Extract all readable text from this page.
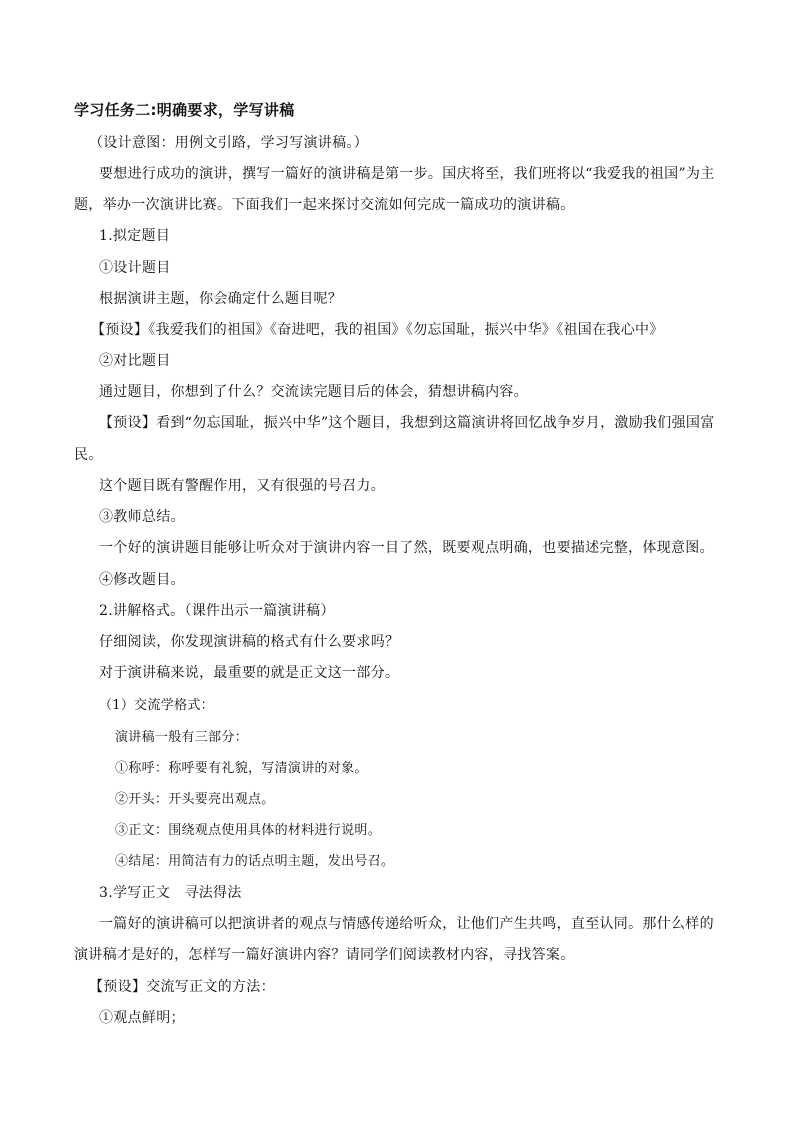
学习任务二:明确要求，学写讲稿
（设计意图：用例文引路，学习写演讲稿。）
要想进行成功的演讲，撰写一篇好的演讲稿是第一步。国庆将至，我们班将以“我爱我的祖国”为主
题，举办一次演讲比赛。下面我们一起来探讨交流如何完成一篇成功的演讲稿。
1.拟定题目
①设计题目
根据演讲主题，你会确定什么题目呢？
【预设】《我爱我们的祖国》《奋进吧，我的祖国》《勿忘国耻，振兴中华》《祖国在我心中》
②对比题目
通过题目，你想到了什么？交流读完题目后的体会，猜想讲稿内容。
【预设】看到“勿忘国耻，振兴中华”这个题目，我想到这篇演讲将回忆战争岁月，激励我们强国富
民。
这个题目既有警醒作用，又有很强的号召力。
③教师总结。
一个好的演讲题目能够让听众对于演讲内容一目了然，既要观点明确，也要描述完整，体现意图。
④修改题目。
2.讲解格式。（课件出示一篇演讲稿）
仔细阅读，你发现演讲稿的格式有什么要求吗？
对于演讲稿来说，最重要的就是正文这一部分。
（1）交流学格式：
演讲稿一般有三部分：
①称呼：称呼要有礼貌，写清演讲的对象。
②开头：开头要亮出观点。
③正文：围绕观点使用具体的材料进行说明。
④结尾：用简洁有力的话点明主题，发出号召。
3.学写正文　寻法得法
一篇好的演讲稿可以把演讲者的观点与情感传递给听众，让他们产生共鸣，直至认同。那什么样的
演讲稿才是好的，怎样写一篇好演讲内容？请同学们阅读教材内容，寻找答案。
【预设】交流写正文的方法：
①观点鲜明；
